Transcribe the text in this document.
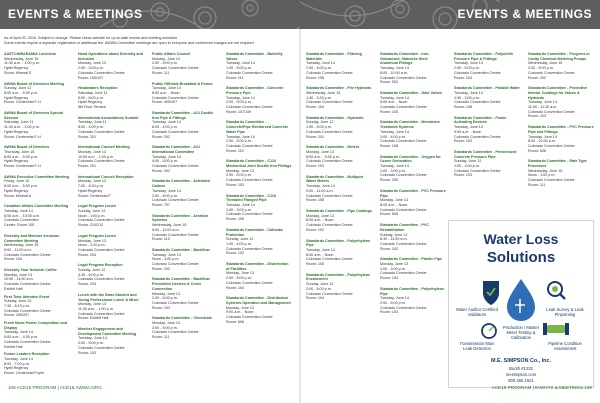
EVENTS & MEETINGS	EVENTS & MEETINGS
As of April 20, 2016. Subject to change. Please check website for up-to-date events and meeting schedule.
Some events require a separate registration or additional fee. AWWA Committee meetings are open to everyone and conference badges are not required.
AAETCH/BARAMIA Luncheon
Wednesday, June 15
11:30 a.m. - 1:00 p.m.
Hyatt Regency
Room: Mineral E
AWWA Board of Directors Meeting
Sunday, June 12
8:00 a.m. - 5:00 p.m.
Hyatt Regency
Room: Centennial F-H
AWWA Board of Directors Special Session
Saturday, June 11
11:30 a.m. - 3:00 p.m.
Hyatt Regency
Room: Centennial F-H
AWWA Board of Directors
Thursday, June 16
8:00 a.m. - 5:00 p.m.
Hyatt Regency
Room: Centennial F-H
AWWA Executive Committee Meeting
Friday, June 10
8:00 a.m. - 5:00 p.m.
Hyatt Regency
Room: Mineral A
Canadian Affairs Committee Meeting
Tuesday, June 14
8:00 a.m. - 10:00 a.m.
Colorado Convention
Center: Room 105
Diversity and Member Inclusion Committee Meeting
Wednesday, June 15
9:00 - 11:00 a.m.
Colorado Convention Center
Room: 104
Diversity Your Network Coffee
Monday, June 13
10:00 - 11:00 a.m.
Colorado Convention Center
Exhibit Hall
First Time Attendee Event
Sunday, June 12
7:30 - 8:15 p.m.
Colorado Convention Center
Room: 205/207
Fresh Ideas Poster Competition and Display
Tuesday, June 14
9:00 a.m. - 4:00 p.m.
Colorado Convention Center
Exhibit Hall
Future Leaders Reception
Tuesday, June 14
6:00 - 7:00 p.m.
Hyatt Regency
Room: Centennial Foyer
Hand Operations about Diversity and Inclusion
Monday, June 13
2:00 - 3:00 p.m.
Colorado Convention Center
Room: 105/107
Headwaters Reception
Saturday, June 11
5:00 - 6:00 p.m.
Hyatt Regency
5th Floor Terrace
International Associations Summit
Tuesday, June 11
8:00 - 4:00 p.m.
Colorado Convention Center
Room: 201
International Council Meeting
Monday, June 13
10:00 a.m. - 1:00 p.m.
Colorado Convention Center
Room: 201
International Council Reception
Monday, June 13
7:00 - 8:30 p.m.
Hyatt Regency
Room: Centennial F
Legal Program Lunch
Sunday, June 12
Noon - 1:00 p.m.
Colorado Convention Center
Room: 210/212
Legal Program Lunch
Monday, June 13
Noon - 1:30 p.m.
Colorado Convention Center
Room: 204
Legal Program Reception
Sunday, June 12
4:30 - 6:00 p.m.
Colorado Convention Center
Room: 204
Lunch with the Stars Student and Young Professional Lunch & Mixer
Monday, June 13
11:30 a.m. - 1:00 p.m.
Colorado Convention Center
Room: Exhibit Hall
Member Engagement and Development Committee Meeting
Tuesday, June 14
2:00 - 5:00 p.m.
Colorado Convention Center
Room: 103
Public Affairs Council
Monday, June 13
2:00 - 5:00 p.m.
Colorado Convention Center
Room: 111
Public Officials Breakfast & Forum
Tuesday, June 14
8:00 a.m. - Noon
Colorado Convention Center
Room: 405/407
Standards Committee - A21 Ductile Iron Pipe & Fittings
Tuesday, June 14
8:00 - 4:00 p.m.
Colorado Convention Center
Room: 202
Standards Committee - A21 International Committee
Tuesday, June 14
4:00 - 5:00 p.m.
Colorado Convention Center
Room: 202
Standards Committee - Activated Carbon
Tuesday, June 14
2:00 - 5:00 p.m.
Colorado Convention Center
Room: 707
Standards Committee - Aeration Systems
Wednesday, June 15
9:00 - 11:00 a.m.
Colorado Convention Center
Room: 110
Standards Committee - Backflow
Tuesday, June 14
Noon - 4:00 p.m.
Colorado Convention Center
Room: 102
Standards Committee - Backflow Prevention Devices & Cross Connection
Monday, June 13
2:00 - 5:00 p.m.
Colorado Convention Center
Room: 103
Standards Committee - Chemicals
Monday, June 13
3:00 - 5:00 p.m.
Colorado Convention Center
Room: 111
Standards Committee - Butterfly Valves
Tuesday, June 14
1:00 - 5:00 p.m.
Colorado Convention Center
Room: 111
Standards Committee - Concrete Pressure Pipe
Tuesday, June 14
2:00 - 5:00 p.m.
Colorado Convention Center
Room: 107/109
Standards Committee - Concrete/Pipe Reinforced Concrete Water Pipe
Tuesday, June 14
2:00 - 5:00 p.m.
Colorado Convention Center
Room: 110
Standards Committee - C110 Mechanical Joint Ductile Iron Fittings
Monday, June 13
2:00 - 5:00 p.m.
Colorado Convention Center
Room: 103
Standards Committee - C115 Threaded Flanged Pipe
Tuesday, June 14
1:00 - 3:00 p.m.
Colorado Convention Center
Room: 105
Standards Committee - Cathodic Protection
Sunday, June 12
1:00 - 4:00 p.m.
Colorado Convention Center
Room: 102
Standards Committee - Disinfection of Facilities
Monday, June 13
2:00 - 5:00 p.m.
Colorado Convention Center
Room: 104
Standards Committee - Distribution Systems Operation and Management
Monday, June 13
9:00 a.m. - Noon
Colorado Convention Center
Room: 606
Standards Committee - Filtering Materials
Tuesday, June 14
2:00 - 4:00 p.m.
Colorado Convention Center
Room: 108
Standards Committee - Fire Hydrants
Wednesday, June 15
1:30 - 3:30 p.m.
Colorado Convention Center
Room: 104
Standards Committee - Hydrants
Sunday, June 12
1:00 - 5:00 p.m.
Colorado Convention Center
Room: 201
Standards Committee - Meters
Monday, June 13
8:00 a.m. - 5:00 p.m.
Colorado Convention Center
Room: 103
Standards Committee - Multiport Water Meters
Tuesday, June 14
9:00 - 11:00 a.m.
Colorado Convention Center
Room: 108
Standards Committee - Pipe Coatings
Monday, June 13
8:00 a.m. - Noon
Colorado Convention Center
Room: 102
Standards Committee - Polyethylene Pipe
Tuesday, June 14
8:00 a.m. - Noon
Colorado Convention Center
Room: 105
Standards Committee - Polyethylene Encasement
Sunday, June 12
2:00 - 5:00 p.m.
Colorado Convention Center
Room: 104
Standards Committee - Iron, Galvanized, Stainless Steel Aluminum Fittings
Tuesday, June 14
8:00 - 10:00 a.m.
Colorado Convention Center
Room: 503
Standards Committee - Gate Valves
Tuesday, June 14
9:00 a.m. - Noon
Colorado Convention Center
Room: 105
Standards Committee - Membrane Treatment Systems
Tuesday, June 14
1:00 - 4:00 p.m.
Colorado Convention Center
Room: 108
Standards Committee - Oxygen for Ozone Generation
Tuesday, June 14
1:00 - 3:00 p.m.
Colorado Convention Center
Room: 205
Standards Committee - PVC Pressure Pipe
Monday, June 13
8:00 a.m. - Noon
Colorado Convention Center
Room: 606
Standards Committee - PVC Rehabilitation
Sunday, June 12
8:30 - 11:00 a.m.
Colorado Convention Center
Room: 102
Standards Committee - Plastic Pipe
Monday, June 13
1:00 - 3:00 p.m.
Colorado Convention Center
Room: 104
Standards Committee - Polyethylene Pipe
Tuesday, June 14
2:00 - 5:00 p.m.
Colorado Convention Center
Room: 103
Standards Committee - Polyolefin Pressure Pipe & Fittings
Tuesday, June 14
2:00 - 5:00 p.m.
Colorado Convention Center
Room: 104
Standards Committee - Potable Water
Tuesday, June 14
1:00 - 3:00 p.m.
Colorado Convention Center
Room: 108
Standards Committee - Power Activating Devices
Tuesday, June 14
9:00 a.m. - Noon
Colorado Convention Center
Room: 103
Standards Committee - Prestressed Concrete Pressure Pipe
Sunday, June 12
1:00 - 4:00 p.m.
Colorado Convention Center
Room: 103
Standards Committee - Progress in Cavity Chemical Metering Pumps
Wednesday, June 15
2:00 - 5:00 p.m.
Colorado Convention Center
Room: 202
Standards Committee - Protective Interior Coatings for Valves & Hydrants
Tuesday, June 14
11:00 - 11:30 a.m.
Colorado Convention Center
Room: 103
Standards Committee - PVC Pressure Pipe and Fittings
Tuesday, June 14
8:00 - 10:00 a.m.
Colorado Convention Center
Room: 606
Standards Committee - Rate Type Processes
Wednesday, June 15
Noon - 1:00 p.m.
Colorado Convention Center
Room: 111
Water Loss
Solutions
Water Auditor Certified Validators
Leak Survey & Leak Pinpointing
Production / Master Meter Testing & Calibration
Transmission Main Leak Detection
Pipeline Condition Assessment
M.E. SIMPSON Co., Inc.
Booth #1232
mesimpson.com
800.255.1521
108 ACE16 PROGRAM | ACE16.AWWA.ORG	ACE16 PROGRAM | EVENTS & MEETINGS 109
